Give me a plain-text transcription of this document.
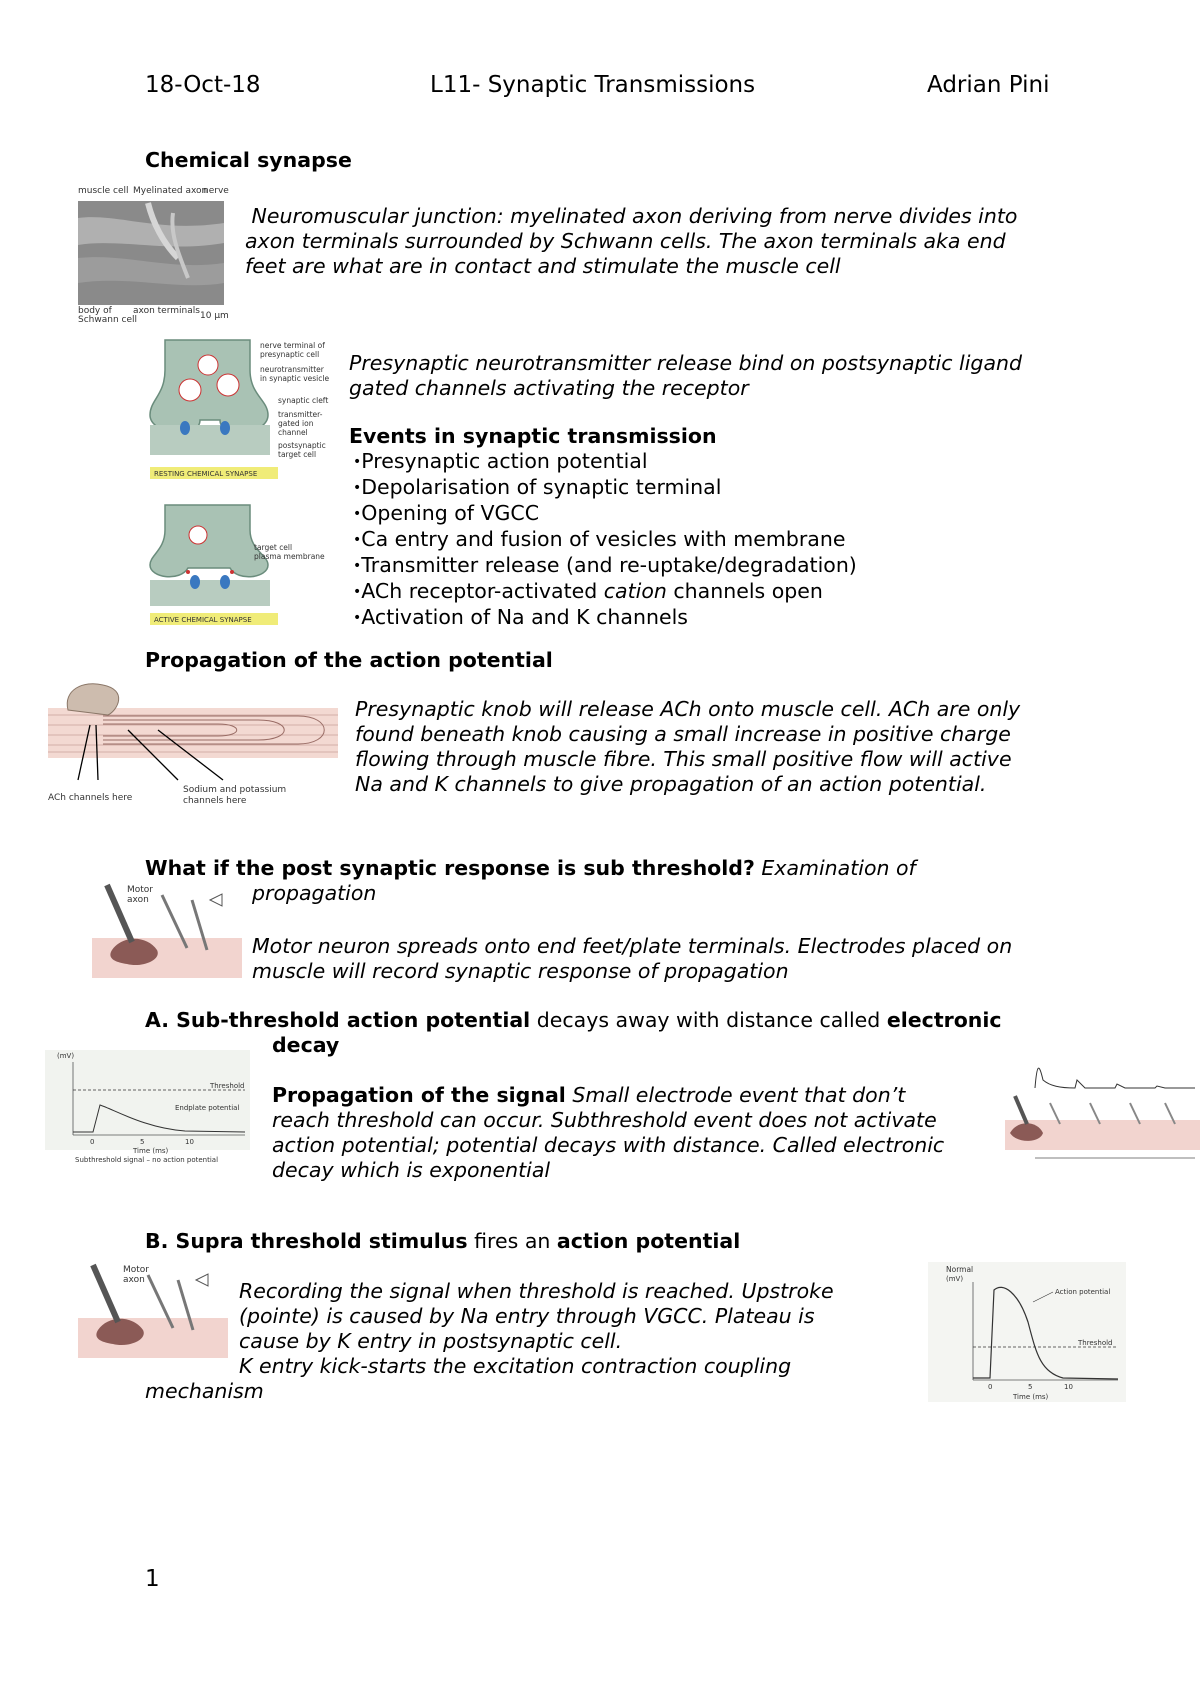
18-Oct-18	L11- Synaptic Transmissions	Adrian Pini
Chemical synapse
muscle cell Myelinated axon
nerve
body of
Schwann cell
axon terminals 10 µm
Neuromuscular junction: myelinated axon deriving from nerve divides into
axon terminals surrounded by Schwann cells. The axon terminals aka end
feet are what are in contact and stimulate the muscle cell
RESTING CHEMICAL SYNAPSE
nerve terminal of
presynaptic cell
neurotransmitter
in synaptic vesicle
synaptic cleft
transmitter-
gated ion
channel
postsynaptic
target cell
ACTIVE CHEMICAL SYNAPSE
target cell
plasma membrane
Presynaptic neurotransmitter release bind on postsynaptic ligand
gated channels activating the receptor
Events in synaptic transmission
•Presynaptic action potential
•Depolarisation of synaptic terminal
•Opening of VGCC
•Ca entry and fusion of vesicles with membrane
•Transmitter release (and re-uptake/degradation)
•ACh receptor-activated cation channels open
•Activation of Na and K channels
Propagation of the action potential
ACh channels here
Sodium and potassium
channels here
Presynaptic knob will release ACh onto muscle cell. ACh are only
found beneath knob causing a small increase in positive charge
flowing through muscle fibre. This small positive flow will active
Na and K channels to give propagation of an action potential.
What if the post synaptic response is sub threshold? Examination of
propagation
Motor
axon
Motor neuron spreads onto end feet/plate terminals. Electrodes placed on
muscle will record synaptic response of propagation
A. Sub-threshold action potential decays away with distance called electronic
decay
(mV)
Threshold
Endplate potential
0	5	10
Time (ms)
Subthreshold signal – no action potential
Propagation of the signal Small electrode event that don’t
reach threshold can occur. Subthreshold event does not activate
action potential; potential decays with distance. Called electronic
decay which is exponential
B. Supra threshold stimulus fires an action potential
Motor
axon	Recording the signal when threshold is reached. Upstroke
(pointe) is caused by Na entry through VGCC. Plateau is
cause by K entry in postsynaptic cell.
K entry kick-starts the excitation contraction coupling
mechanism
Normal
(mV)
Action potential
Threshold
0	5	10
Time (ms)
1
